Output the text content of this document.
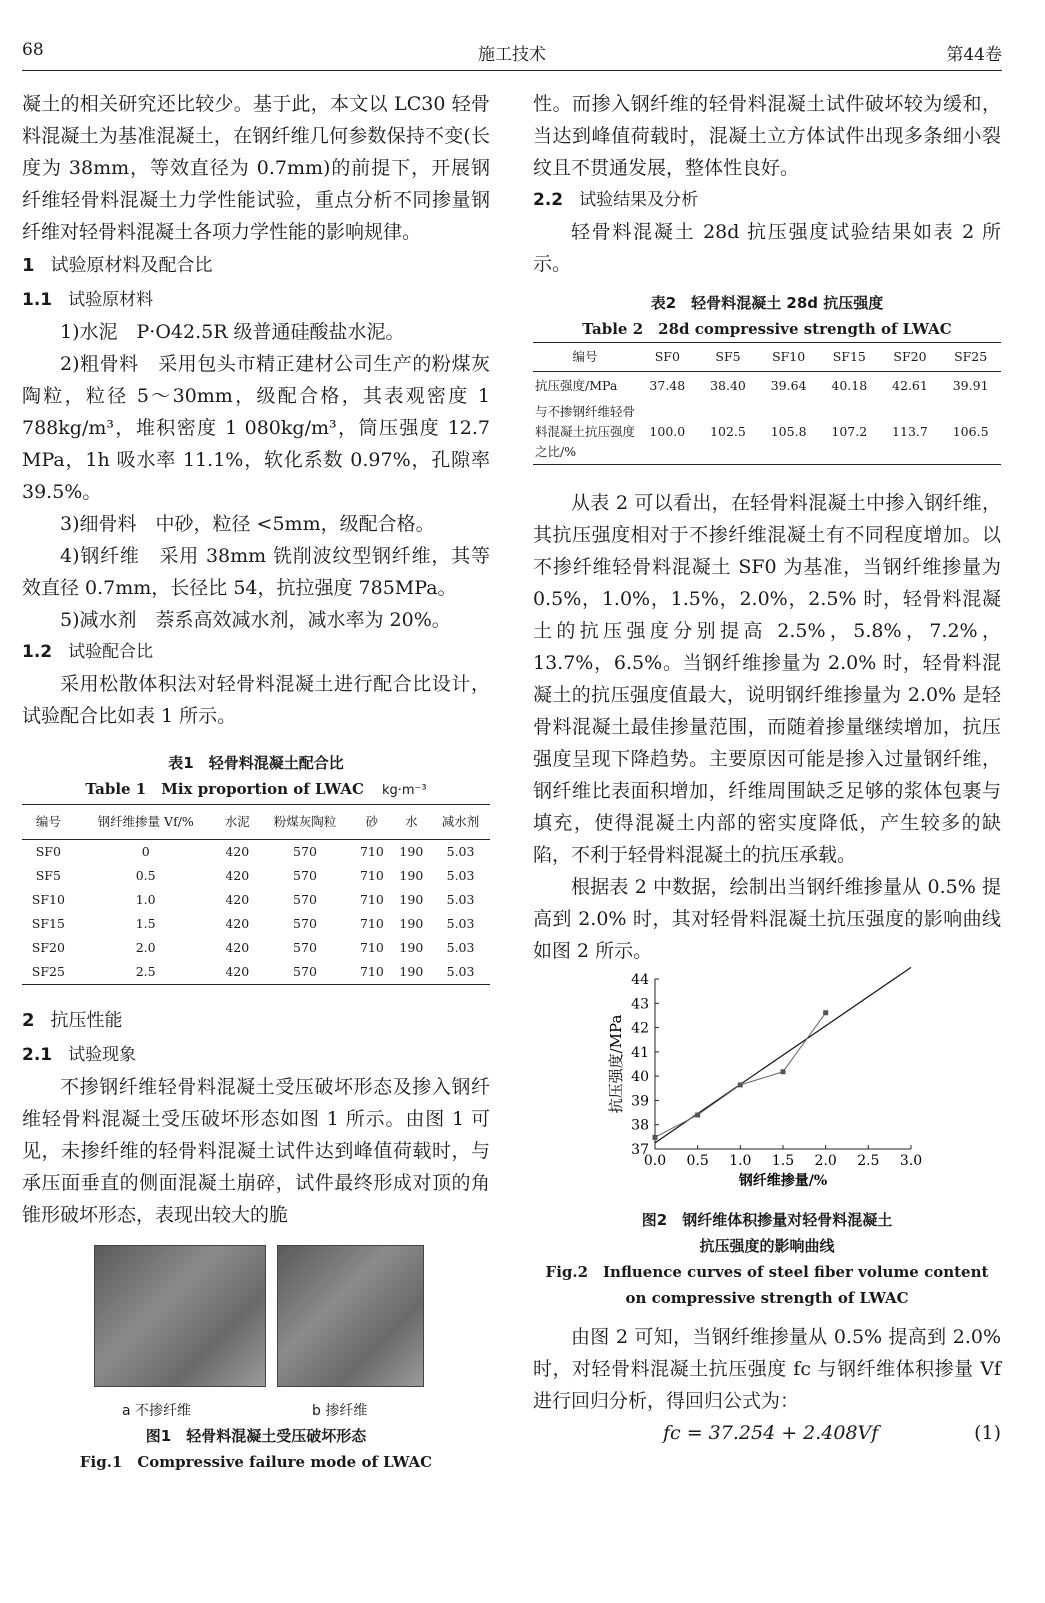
68	施工技术	第44卷

凝土的相关研究还比较少。基于此，本文以 LC30 轻骨料混凝土为基准混凝土，在钢纤维几何参数保持不变(长度为 38mm，等效直径为 0.7mm)的前提下，开展钢纤维轻骨料混凝土力学性能试验，重点分析不同掺量钢纤维对轻骨料混凝土各项力学性能的影响规律。

1 试验原材料及配合比
1.1 试验原材料

1)水泥　P·O42.5R 级普通硅酸盐水泥。

2)粗骨料　采用包头市精正建材公司生产的粉煤灰陶粒，粒径 5～30mm，级配合格，其表观密度 1 788kg/m³，堆积密度 1 080kg/m³，筒压强度 12.7 MPa，1h 吸水率 11.1%，软化系数 0.97%，孔隙率 39.5%。

3)细骨料　中砂，粒径 <5mm，级配合格。

4)钢纤维　采用 38mm 铣削波纹型钢纤维，其等效直径 0.7mm，长径比 54，抗拉强度 785MPa。

5)减水剂　萘系高效减水剂，减水率为 20%。

1.2 试验配合比

采用松散体积法对轻骨料混凝土进行配合比设计，试验配合比如表 1 所示。

表1　轻骨料混凝土配合比
Table 1　Mix proportion of LWAC kg·m⁻³
编号	钢纤维掺量 Vf/%	水泥	粉煤灰陶粒	砂	水	减水剂
SF0	0	420	570	710	190	5.03
SF5	0.5	420	570	710	190	5.03
SF10	1.0	420	570	710	190	5.03
SF15	1.5	420	570	710	190	5.03
SF20	2.0	420	570	710	190	5.03
SF25	2.5	420	570	710	190	5.03
2 抗压性能
2.1 试验现象

不掺钢纤维轻骨料混凝土受压破坏形态及掺入钢纤维轻骨料混凝土受压破坏形态如图 1 所示。由图 1 可见，未掺纤维的轻骨料混凝土试件达到峰值荷载时，与承压面垂直的侧面混凝土崩碎，试件最终形成对顶的角锥形破坏形态，表现出较大的脆

a 不掺纤维	b 掺纤维
图1　轻骨料混凝土受压破坏形态
Fig.1　Compressive failure mode of LWAC

性。而掺入钢纤维的轻骨料混凝土试件破坏较为缓和，当达到峰值荷载时，混凝土立方体试件出现多条细小裂纹且不贯通发展，整体性良好。

2.2 试验结果及分析

轻骨料混凝土 28d 抗压强度试验结果如表 2 所示。

表2　轻骨料混凝土 28d 抗压强度
Table 2　28d compressive strength of LWAC
编号	SF0	SF5	SF10	SF15	SF20	SF25
抗压强度/MPa	37.48	38.40	39.64	40.18	42.61	39.91
与不掺钢纤维轻骨料混凝土抗压强度之比/%	100.0	102.5	105.8	107.2	113.7	106.5

从表 2 可以看出，在轻骨料混凝土中掺入钢纤维，其抗压强度相对于不掺纤维混凝土有不同程度增加。以不掺纤维轻骨料混凝土 SF0 为基准，当钢纤维掺量为 0.5%，1.0%，1.5%，2.0%，2.5% 时，轻骨料混凝土的抗压强度分别提高 2.5%，5.8%，7.2%，13.7%，6.5%。当钢纤维掺量为 2.0% 时，轻骨料混凝土的抗压强度值最大，说明钢纤维掺量为 2.0% 是轻骨料混凝土最佳掺量范围，而随着掺量继续增加，抗压强度呈现下降趋势。主要原因可能是掺入过量钢纤维，钢纤维比表面积增加，纤维周围缺乏足够的浆体包裹与填充，使得混凝土内部的密实度降低，产生较多的缺陷，不利于轻骨料混凝土的抗压承载。

根据表 2 中数据，绘制出当钢纤维掺量从 0.5% 提高到 2.0% 时，其对轻骨料混凝土抗压强度的影响曲线如图 2 所示。

0.0 0.5 1.0 1.5 2.0 2.5 3.0
37
38
39
40
41
42
43
44
钢纤维掺量/%
抗压强度/MPa
图2　钢纤维体积掺量对轻骨料混凝土
抗压强度的影响曲线
Fig.2　Influence curves of steel fiber volume content
on compressive strength of LWAC

由图 2 可知，当钢纤维掺量从 0.5% 提高到 2.0% 时，对轻骨料混凝土抗压强度 fc 与钢纤维体积掺量 Vf 进行回归分析，得回归公式为：

fc = 37.254 + 2.408Vf	(1)
